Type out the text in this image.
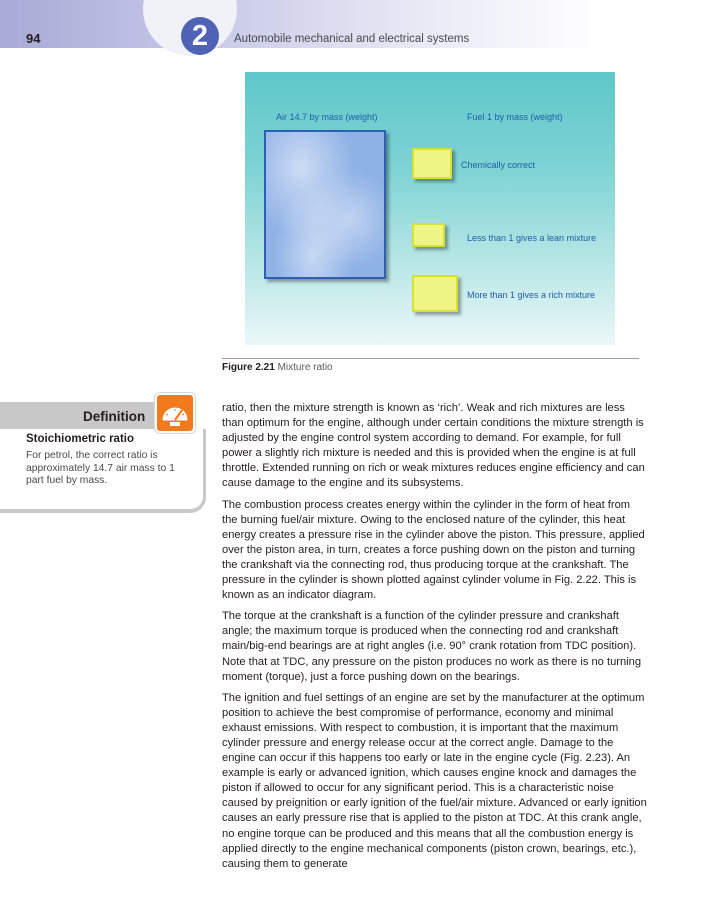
94	2	Automobile mechanical and electrical systems
Air 14.7 by mass (weight)	Fuel 1 by mass (weight)
Chemically correct
Less than 1 gives a lean mixture
More than 1 gives a rich mixture
Figure 2.21 Mixture ratio
Definition
Stoichiometric ratio
For petrol, the correct ratio is approximately 14.7 air mass to 1 part fuel by mass.

ratio, then the mixture strength is known as ‘rich’. Weak and rich mixtures are less than optimum for the engine, although under certain conditions the mixture strength is adjusted by the engine control system according to demand. For example, for full power a slightly rich mixture is needed and this is provided when the engine is at full throttle. Extended running on rich or weak mixtures reduces engine efficiency and can cause damage to the engine and its subsystems.

The combustion process creates energy within the cylinder in the form of heat from the burning fuel/air mixture. Owing to the enclosed nature of the cylinder, this heat energy creates a pressure rise in the cylinder above the piston. This pressure, applied over the piston area, in turn, creates a force pushing down on the piston and turning the crankshaft via the connecting rod, thus producing torque at the crankshaft. The pressure in the cylinder is shown plotted against cylinder volume in Fig. 2.22. This is known as an indicator diagram.

The torque at the crankshaft is a function of the cylinder pressure and crankshaft angle; the maximum torque is produced when the connecting rod and crankshaft main/big-end bearings are at right angles (i.e. 90° crank rotation from TDC position). Note that at TDC, any pressure on the piston produces no work as there is no turning moment (torque), just a force pushing down on the bearings.

The ignition and fuel settings of an engine are set by the manufacturer at the optimum position to achieve the best compromise of performance, economy and minimal exhaust emissions. With respect to combustion, it is important that the maximum cylinder pressure and energy release occur at the correct angle. Damage to the engine can occur if this happens too early or late in the engine cycle (Fig. 2.23). An example is early or advanced ignition, which causes engine knock and damages the piston if allowed to occur for any significant period. This is a characteristic noise caused by preignition or early ignition of the fuel/air mixture. Advanced or early ignition causes an early pressure rise that is applied to the piston at TDC. At this crank angle, no engine torque can be produced and this means that all the combustion energy is applied directly to the engine mechanical components (piston crown, bearings, etc.), causing them to generate
